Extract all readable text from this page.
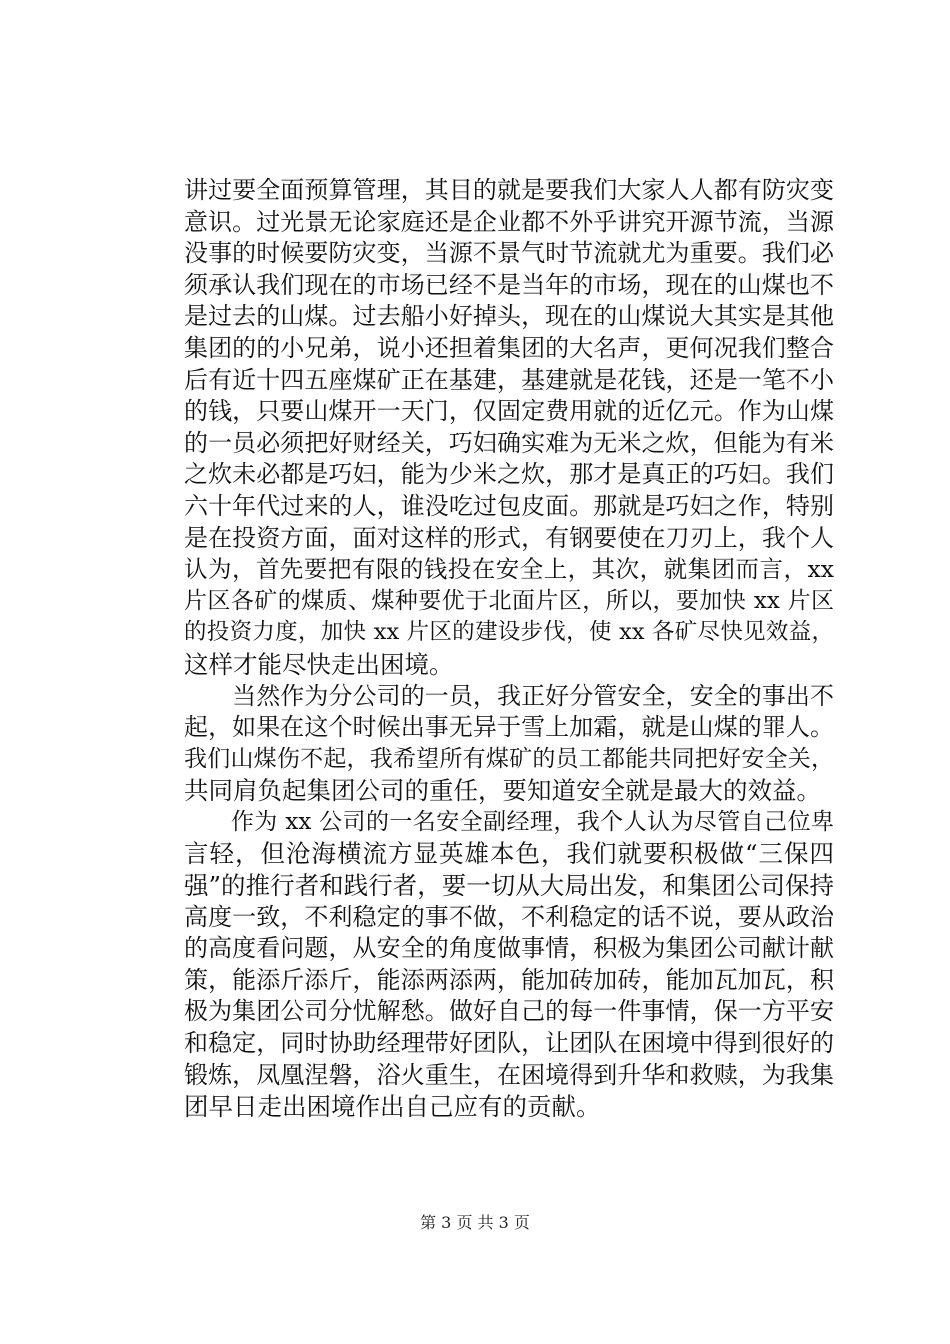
讲过要全面预算管理，其目的就是要我们大家人人都有防灾变
意识。过光景无论家庭还是企业都不外乎讲究开源节流，当源
没事的时候要防灾变，当源不景气时节流就尤为重要。我们必
须承认我们现在的市场已经不是当年的市场，现在的山煤也不
是过去的山煤。过去船小好掉头，现在的山煤说大其实是其他
集团的的小兄弟，说小还担着集团的大名声，更何况我们整合
后有近十四五座煤矿正在基建，基建就是花钱，还是一笔不小
的钱，只要山煤开一天门，仅固定费用就的近亿元。作为山煤
的一员必须把好财经关，巧妇确实难为无米之炊，但能为有米
之炊未必都是巧妇，能为少米之炊，那才是真正的巧妇。我们
六十年代过来的人，谁没吃过包皮面。那就是巧妇之作，特别
是在投资方面，面对这样的形式，有钢要使在刀刃上，我个人
认为，首先要把有限的钱投在安全上，其次，就集团而言，xx
片区各矿的煤质、煤种要优于北面片区，所以，要加快 xx 片区
的投资力度，加快 xx 片区的建设步伐，使 xx 各矿尽快见效益，
这样才能尽快走出困境。
　　当然作为分公司的一员，我正好分管安全，安全的事出不
起，如果在这个时候出事无异于雪上加霜，就是山煤的罪人。
我们山煤伤不起，我希望所有煤矿的员工都能共同把好安全关，
共同肩负起集团公司的重任，要知道安全就是最大的效益。
　　作为 xx 公司的一名安全副经理，我个人认为尽管自己位卑
言轻，但沧海横流方显英雄本色，我们就要积极做“三保四
强”的推行者和践行者，要一切从大局出发，和集团公司保持
高度一致，不利稳定的事不做，不利稳定的话不说，要从政治
的高度看问题，从安全的角度做事情，积极为集团公司献计献
策，能添斤添斤，能添两添两，能加砖加砖，能加瓦加瓦，积
极为集团公司分忧解愁。做好自己的每一件事情，保一方平安
和稳定，同时协助经理带好团队，让团队在困境中得到很好的
锻炼，凤凰涅磐，浴火重生，在困境得到升华和救赎，为我集
团早日走出困境作出自己应有的贡献。
第 3 页 共 3 页
